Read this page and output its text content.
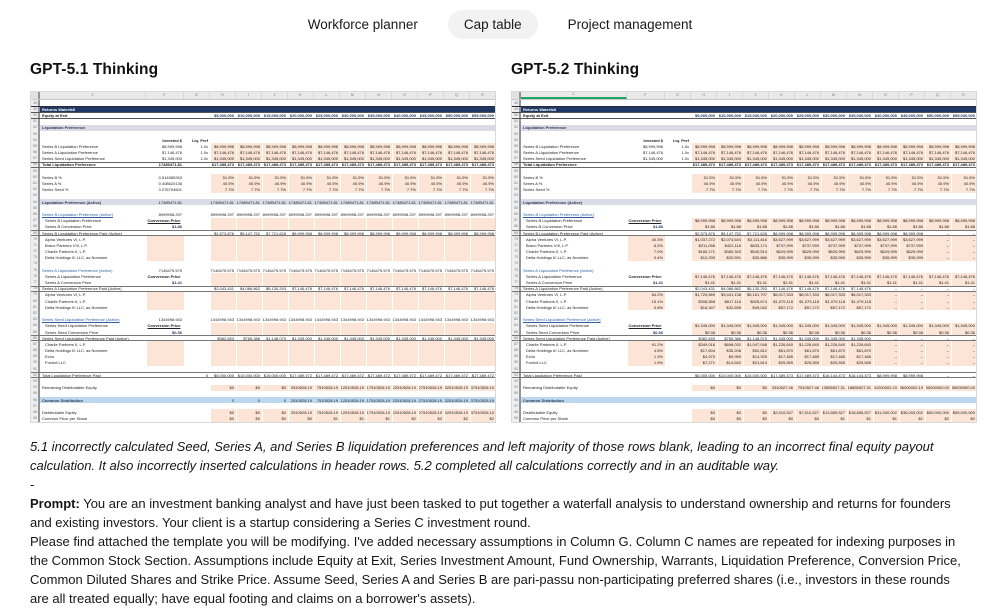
Workforce planner	Cap table	Project management
GPT-5.1 Thinking
C	F	G	H	I	J	K	L	M	N	O	P	Q	R
48
49	Returns Waterfall
50	Equity at Exit	$5,000,000 $10,000,000 $15,000,000 $20,000,000 $25,000,000 $30,000,000 $35,000,000 $40,000,000 $45,000,000 $50,000,000 $55,000,000
51
52	Liquidation Preference
53
54	Invested $	Liq. Pref
55	Series B Liquidation Preference	$8,999,998	1.0x	$8,999,998	$8,999,998	$8,999,998	$8,999,998	$8,999,998	$8,999,998	$8,999,998	$8,999,998	$8,999,998	$8,999,998	$8,999,998
56	Series A Liquidation Preference	$7,146,476	1.0x	$7,146,476	$7,146,476	$7,146,476	$7,146,476	$7,146,476	$7,146,476	$7,146,476	$7,146,476	$7,146,476	$7,146,476	$7,146,476
57	Series Seed Liquidation Preference	$1,345,000	1.0x	$1,345,000	$1,345,000	$1,345,000	$1,345,000	$1,345,000	$1,345,000	$1,345,000	$1,345,000	$1,345,000	$1,345,000	$1,345,000
58	Total Liquidation Preference	17489471.81	$17,489,473 $17,489,473 $17,489,473 $17,489,473 $17,489,473 $17,489,473 $17,489,473 $17,489,473 $17,489,473 $17,489,473 $17,489,473
59
60	Series B %	0.514585263	51.5%	51.5%	51.5%	51.5%	51.5%	51.5%	51.5%	51.5%	51.5%	51.5%	51.5%
61	Series A %	0.408620136	40.9%	40.9%	40.9%	40.9%	40.9%	40.9%	40.9%	40.9%	40.9%	40.9%	40.9%
62	Series Seed %	0.076794601	7.7%	7.7%	7.7%	7.7%	7.7%	7.7%	7.7%	7.7%	7.7%	7.7%	7.7%
63
64	Liquidation Preference (Active)	17489471.81	17489471.81 17489471.81 17489471.81 17489471.81 17489471.81 17489471.81 17489471.81 17489471.81 17489471.81 17489471.81 17489471.81
65
66	Series B Liquidation Preference (Active)	8999998.297	8999998.297 8999998.297 8999998.297 8999998.297 8999998.297 8999998.297 8999998.297 8999998.297 8999998.297 8999998.297 8999998.297
67	Series B Liquidation Preference	Conversion Price
68	Series B Conversion Price	$1.86
69	Series B Liquidation Preference Paid (Active)	$2,573,876	$5,147,752	$7,721,628	$8,999,998	$8,999,998	$8,999,998	$8,999,998	$8,999,998	$8,999,998	$8,999,998	$8,999,998
70	Alpha Ventures VI, L.P.
71	Bravo Partners VIII, L.P.
72	Charlie Partners II, L.P.
73	Delta Holdings III LLC, as Nominee
74
75	Series A Liquidation Preference (Active)	7146475.575	7146475.575 7146475.575 7146475.575 7146475.575 7146475.575 7146475.575 7146475.575 7146475.575 7146475.575 7146475.575 7146475.575
76	Series A Liquidation Preference	Conversion Price
77	Series A Conversion Price	$1.41
78	Series A Liquidation Preference Paid (Active)	$2,043,431	$4,086,862	$6,130,293	$7,146,476	$7,146,476	$7,146,476	$7,146,476	$7,146,476	$7,146,476	$7,146,476	$7,146,476
79	Alpha Ventures VI, L.P.
80	Charlie Partners II, L.P.
81	Delta Holdings III LLC, as Nominee
82
83	Series Seed Liquidation Preference (Active)	1344998.943	1344998.943 1344998.943 1344998.943 1344998.943 1344998.943 1344998.943 1344998.943 1344998.943 1344998.943 1344998.943 1344998.943
84	Series Seed Liquidation Preference	Conversion Price
85	Series Seed Conversion Price	$0.36
86	Series Seed Liquidation Preference Paid (Active)	$382,693	$765,386	$1,148,079	$1,345,000	$1,345,000	$1,345,000	$1,345,000	$1,345,000	$1,345,000	$1,345,000	$1,345,000
87	Charlie Partners II, L.P.
88	Delta Holdings III LLC, as Nominee
89	Echo
90	Foxtrot LLC
91
92	Total Liquidation Preference Paid	0	$5,000,000 $10,000,000 $15,000,000 $17,489,472 $17,489,472 $17,489,472 $17,489,472 $17,489,472 $17,489,472 $17,489,472 $17,489,472
93
94	Remaining Distributable Equity	$0	$0	$0	2510528.19	7510528.19 12510528.19 17510528.19 22510528.19 27510528.19 32510528.19 37510528.19
95
96	Common Distribution	0	0	0	2510528.19	7510528.19 12510528.19 17510528.19 22510528.19 27510528.19 32510528.19 37510528.19
97
98	Distributable Equity	$0	$0	$0	2510528.19	7510528.19 12510528.19 17510528.19 22510528.19 27510528.19 32510528.19 37510528.19
99	Common Price per Share	$0	$0	$0	$0	$1	$1	$1	$2	$2	$2	$2
GPT-5.2 Thinking
C	F	G	H	I	J	K	L	M	N	O	P	Q	R
48
49	Returns Waterfall
50	Equity at Exit	$5,000,000 $10,000,000 $15,000,000 $20,000,000 $25,000,000 $30,000,000 $35,000,000 $40,000,000 $45,000,000 $50,000,000 $55,000,000
51
52	Liquidation Preference
53
54	Invested $	Liq. Pref
55	Series B Liquidation Preference	$8,999,998	1.0x	$8,999,998	$8,999,998	$8,999,998	$8,999,998	$8,999,998	$8,999,998	$8,999,998	$8,999,998	$8,999,998	$8,999,998	$8,999,998
56	Series A Liquidation Preference	$7,146,476	1.0x	$7,146,476	$7,146,476	$7,146,476	$7,146,476	$7,146,476	$7,146,476	$7,146,476	$7,146,476	$7,146,476	$7,146,476	$7,146,476
57	Series Seed Liquidation Preference	$1,345,000	1.0x	$1,345,000	$1,345,000	$1,345,000	$1,345,000	$1,345,000	$1,345,000	$1,345,000	$1,345,000	$1,345,000	$1,345,000	$1,345,000
58	Total Liquidation Preference	$17,489,473 $17,489,473 $17,489,473 $17,489,473 $17,489,473 $17,489,473 $17,489,473 $17,489,473 $17,489,473 $17,489,473 $17,489,473
59
60	Series B %	51.5%	51.5%	51.5%	51.5%	51.5%	51.5%	51.5%	51.5%	51.5%	51.5%	51.5%
61	Series A %	40.9%	40.9%	40.9%	40.9%	40.9%	40.9%	40.9%	40.9%	40.9%	40.9%	40.9%
62	Series Seed %	7.7%	7.7%	7.7%	7.7%	7.7%	7.7%	7.7%	7.7%	7.7%	7.7%	7.7%
63
64	Liquidation Preference (Active)
65
66	Series B Liquidation Preference (Active)
67	Series B Liquidation Preference	Conversion Price	$8,999,998	$8,999,998	$8,999,998	$8,999,998	$8,999,998	$8,999,998	$8,999,998	$8,999,998	$8,999,998	$8,999,998	$8,999,998
68	Series B Conversion Price	$1.86	$1.86	$1.86	$1.86	$1.86	$1.86	$1.86	$1.86	$1.86	$1.86	$1.86	$1.86
69	Series B Liquidation Preference Paid (Active)	$2,573,876	$5,147,752	$7,721,628	$8,999,998	$8,999,998	$8,999,998	$8,999,998	$8,999,998	$8,999,998	–	–
70	Alpha Ventures VI, L.P.	40.3%	$1,037,272	$2,074,544	$3,111,816	$3,627,999	$3,627,999	$3,627,999	$3,627,999	$3,627,999	$3,627,999	–	–
71	Bravo Partners VIII, L.P.	8.2%	$211,058	$422,116	$633,174	$737,999	$737,999	$737,999	$737,999	$737,999	$737,999	–	–
72	Charlie Partners II, L.P.	7.0%	$180,171	$360,343	$540,514	$629,999	$629,999	$629,999	$629,999	$629,999	$629,999	–	–
73	Delta Holdings III LLC, as Nominee	0.4%	$10,295	$20,591	$30,886	$35,999	$35,999	$35,999	$35,999	$35,999	$35,999	–	–
74
75	Series A Liquidation Preference (Active)
76	Series A Liquidation Preference	Conversion Price	$7,146,476	$7,146,476	$7,146,476	$7,146,476	$7,146,476	$7,146,476	$7,146,476	$7,146,476	$7,146,476	$7,146,476	$7,146,476
77	Series A Conversion Price	$1.41	$1.41	$1.41	$1.41	$1.41	$1.41	$1.41	$1.41	$1.41	$1.41	$1.41	$1.41
78	Series A Liquidation Preference Paid (Active)	$2,043,431	$4,086,862	$6,130,293	$7,146,476	$7,146,476	$7,146,476	$7,146,476	–	–	–	–
79	Alpha Ventures VI, L.P.	84.2%	$1,720,569	$3,441,138	$5,161,707	$6,017,333	$6,017,333	$6,017,333	$6,017,333	–	–	–	–
80	Charlie Partners II, L.P.	15.1%	$308,558	$617,116	$925,674	$1,079,118	$1,079,118	$1,079,118	$1,079,118	–	–	–	–
81	Delta Holdings III LLC, as Nominee	0.8%	$16,347	$32,695	$49,042	$57,172	$57,172	$57,172	$57,172	–	–	–	–
82
83	Series Seed Liquidation Preference (Active)
84	Series Seed Liquidation Preference	Conversion Price	$1,345,000	$1,345,000	$1,345,000	$1,345,000	$1,345,000	$1,345,000	$1,345,000	$1,345,000	$1,345,000	$1,345,000	$1,345,000
85	Series Seed Conversion Price	$0.36	$0.36	$0.36	$0.36	$0.36	$0.36	$0.36	$0.36	$0.36	$0.36	$0.36	$0.36
86	Series Seed Liquidation Preference Paid (Active)	$382,693	$765,386	$1,148,079	$1,345,000	$1,345,000	$1,345,000	$1,345,000	–	–	–	–
87	Charlie Partners II, L.P.	91.2%	$349,016	$698,032	$1,047,048	$1,226,640	$1,226,640	$1,226,640	$1,226,640	–	–	–	–
88	Delta Holdings III LLC, as Nominee	4.6%	$17,604	$35,208	$52,812	$61,870	$61,870	$61,870	$61,870	–	–	–	–
89	Echo	1.3%	$4,975	$9,950	$14,925	$17,485	$17,485	$17,485	$17,485	–	–	–	–
90	Foxtrot LLC	1.9%	$7,271	$14,542	$21,814	$25,555	$25,555	$25,555	$25,555	–	–	–	–
91
92	Total Liquidation Preference Paid	$5,000,000 $10,000,000 $15,000,000 $17,489,473 $17,489,473 $16,144,473 $16,144,473	$8,999,998	$8,999,998	–	–
93
94	Remaining Distributable Equity	$0	$0	$0	2510527.46	7510527.46 13855527.31 18855527.31 31000002.19 36000002.19 50000000.00 55000000.00
95
96	Common Distribution
97
98	Distributable Equity	$0	$0	$0	$2,510,527	$7,510,527 $13,855,527 $18,855,527 $31,000,002 $36,000,002 $50,000,000 $55,000,000
99	Common Price per Share	$0	$0	$0	$0	$0	$1	$1	$1	$1	$2	$2

5.1 incorrectly calculated Seed, Series A, and Series B liquidation preferences and left majority of those rows blank, leading to an incorrect final equity payout calculation. It also incorrectly inserted calculations in header rows. 5.2 completed all calculations correctly and in an auditable way.

-

Prompt: You are an investment banking analyst and have just been tasked to put together a waterfall analysis to understand ownership and returns for founders and existing investors. Your client is a startup considering a Series C investment round.

Please find attached the template you will be modifying. I've added necessary assumptions in Column G. Column C names are repeated for indexing purposes in the Common Stock Section. Assumptions include Equity at Exit, Series Investment Amount, Fund Ownership, Warrants, Liquidation Preference, Conversion Price, Common Diluted Shares and Strike Price. Assume Seed, Series A and Series B are pari-passu non-participating preferred shares (i.e., investors in these rounds are all treated equally; have equal footing and claims on a borrower's assets).
